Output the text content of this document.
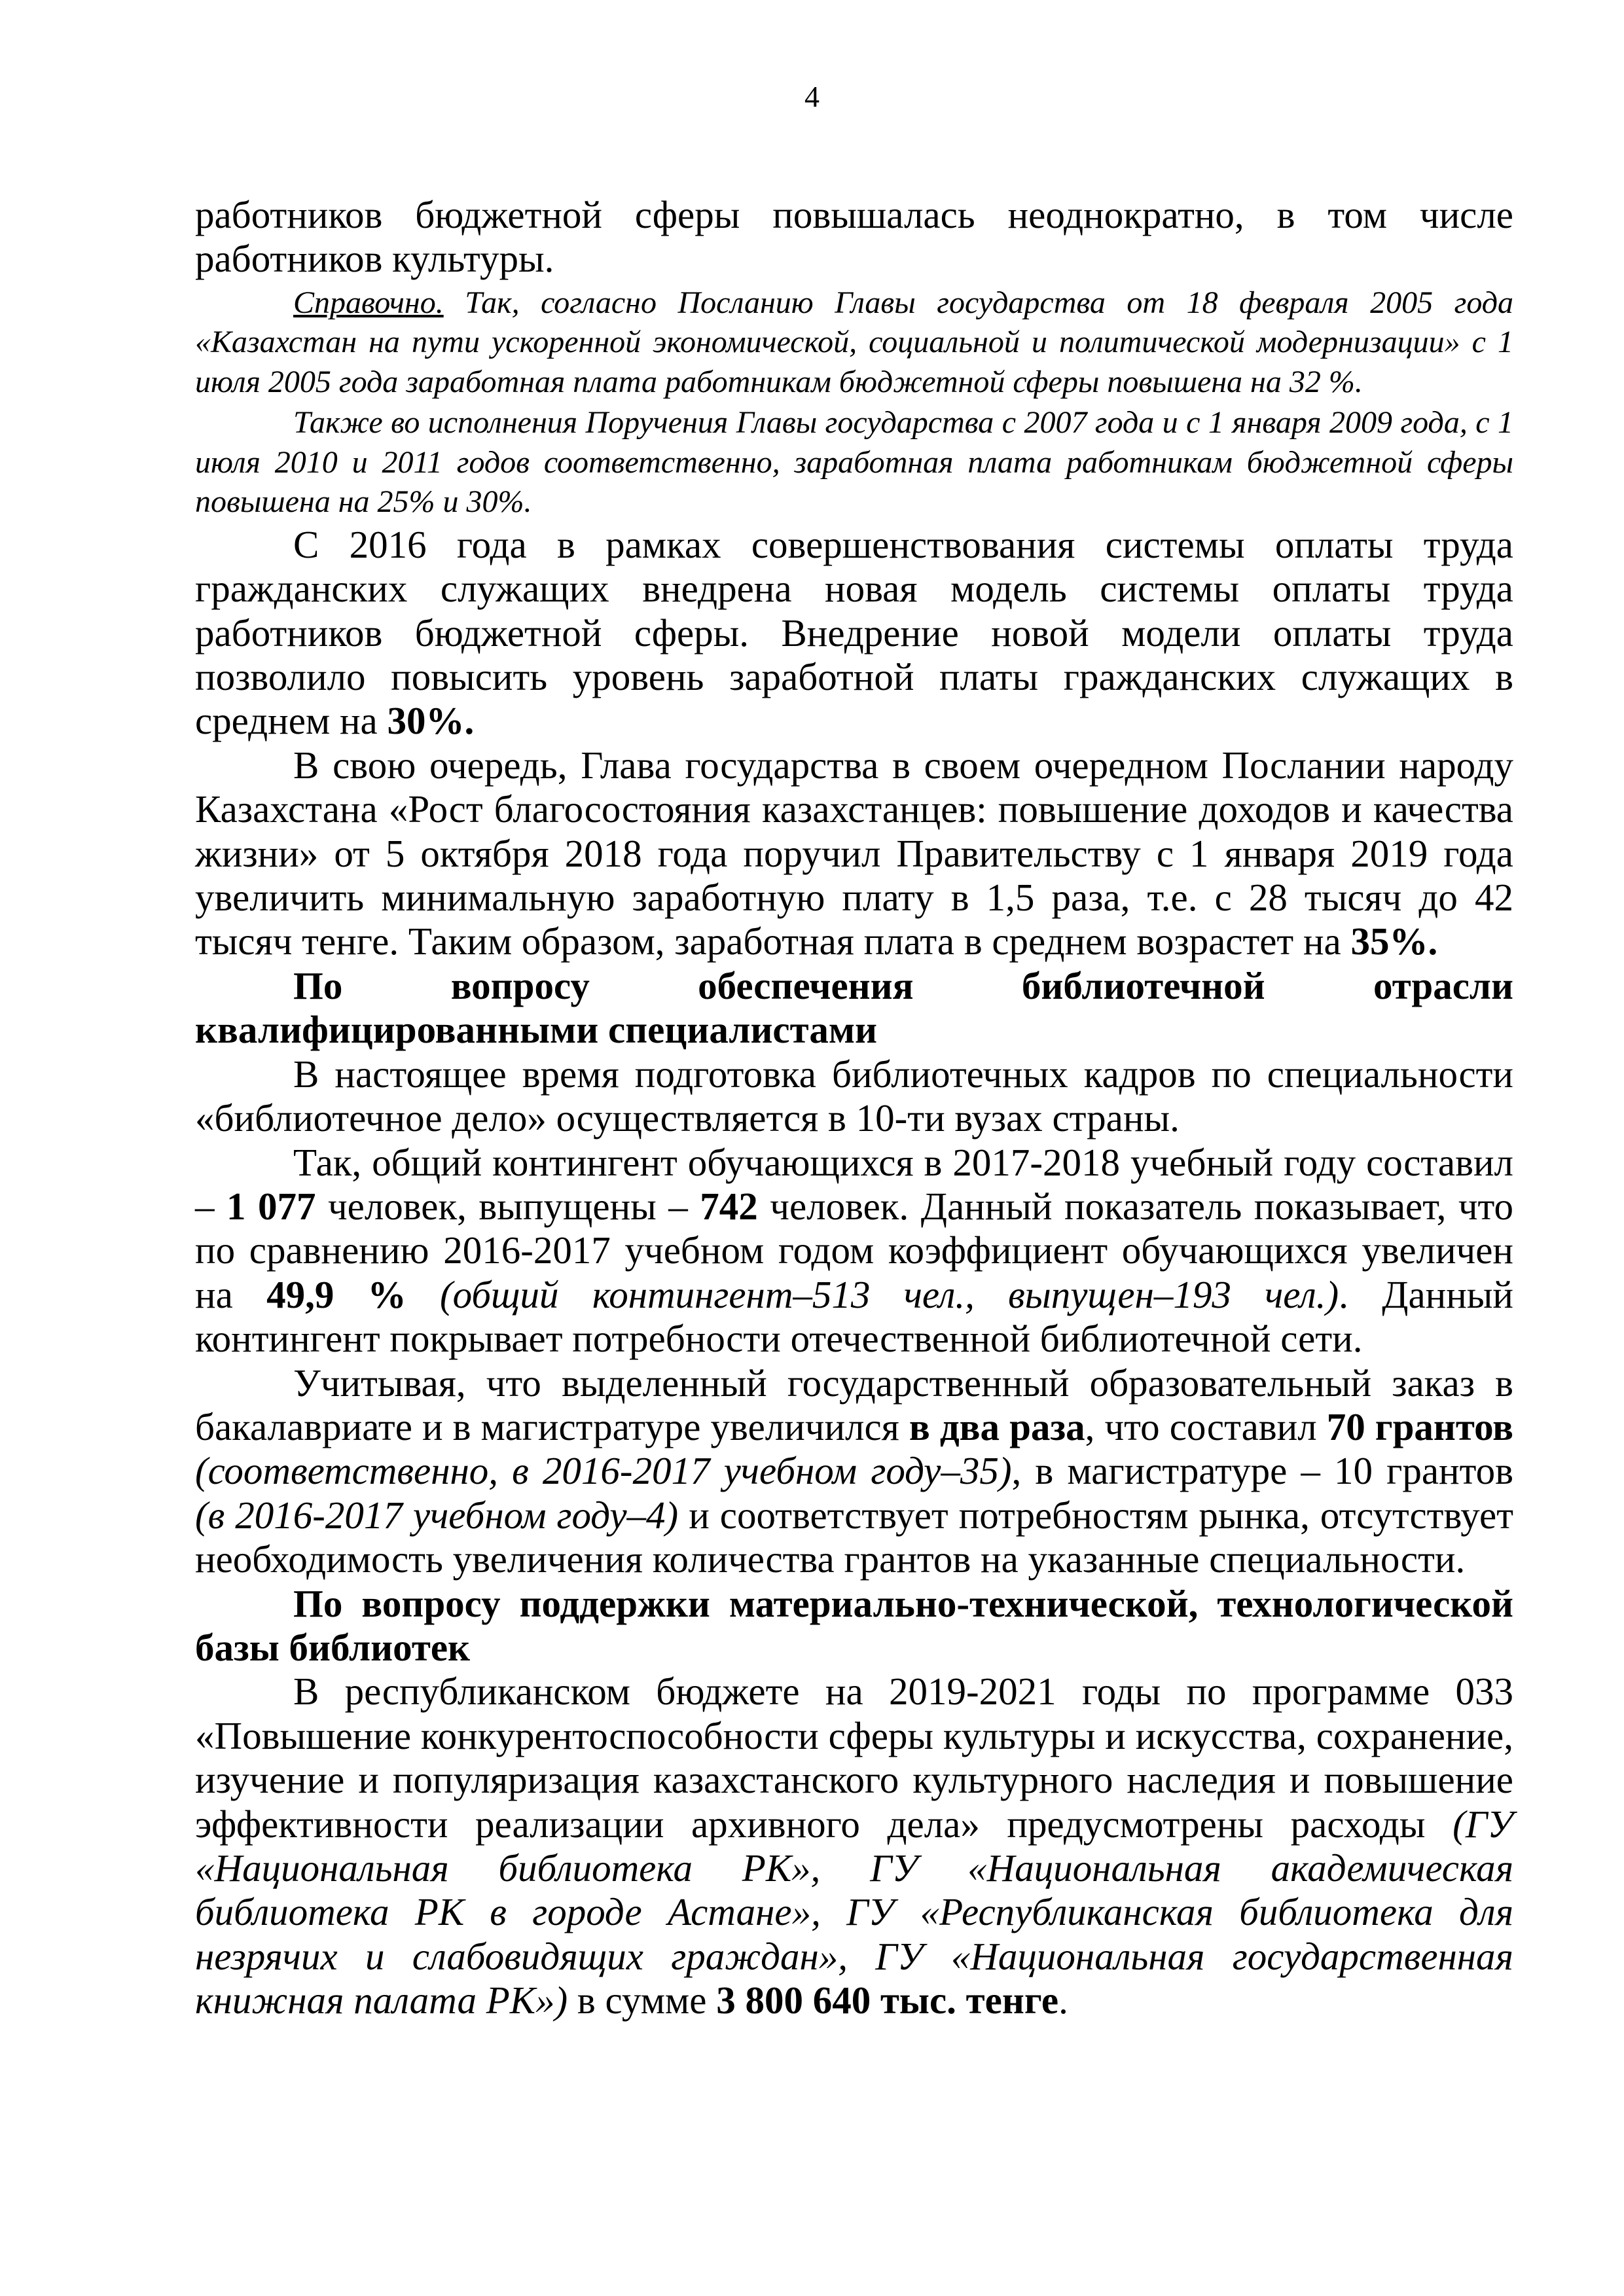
4

работников бюджетной сферы повышалась неоднократно, в том числе работников культуры.

Справочно. Так, согласно Посланию Главы государства от 18 февраля 2005 года «Казахстан на пути ускоренной экономической, социальной и политической модернизации» с 1 июля 2005 года заработная плата работникам бюджетной сферы повышена на 32 %.

Также во исполнения Поручения Главы государства с 2007 года и с 1 января 2009 года, с 1 июля 2010 и 2011 годов соответственно, заработная плата работникам бюджетной сферы повышена на 25% и 30%.

С 2016 года в рамках совершенствования системы оплаты труда гражданских служащих внедрена новая модель системы оплаты труда работников бюджетной сферы. Внедрение новой модели оплаты труда позволило повысить уровень заработной платы гражданских служащих в среднем на 30%.

В свою очередь, Глава государства в своем очередном Послании народу Казахстана «Рост благосостояния казахстанцев: повышение доходов и качества жизни» от 5 октября 2018 года поручил Правительству с 1 января 2019 года увеличить минимальную заработную плату в 1,5 раза, т.е. с 28 тысяч до 42 тысяч тенге. Таким образом, заработная плата в среднем возрастет на 35%.

По вопросу обеспечения библиотечной отрасли квалифицированными специалистами

В настоящее время подготовка библиотечных кадров по специальности «библиотечное дело» осуществляется в 10-ти вузах страны.

Так, общий контингент обучающихся в 2017-2018 учебный году составил – 1 077 человек, выпущены – 742 человек. Данный показатель показывает, что по сравнению 2016-2017 учебном годом коэффициент обучающихся увеличен на 49,9 % (общий контингент–513 чел., выпущен–193 чел.). Данный контингент покрывает потребности отечественной библиотечной сети.

Учитывая, что выделенный государственный образовательный заказ в бакалавриате и в магистратуре увеличился в два раза, что составил 70 грантов (соответственно, в 2016-2017 учебном году–35), в магистратуре – 10 грантов (в 2016-2017 учебном году–4) и соответствует потребностям рынка, отсутствует необходимость увеличения количества грантов на указанные специальности.

По вопросу поддержки материально-технической, технологической базы библиотек

В республиканском бюджете на 2019-2021 годы по программе 033 «Повышение конкурентоспособности сферы культуры и искусства, сохранение, изучение и популяризация казахстанского культурного наследия и повышение эффективности реализации архивного дела» предусмотрены расходы (ГУ «Национальная библиотека РК», ГУ «Национальная академическая библиотека РК в городе Астане», ГУ «Республиканская библиотека для незрячих и слабовидящих граждан», ГУ «Национальная государственная книжная палата РК») в сумме 3 800 640 тыс. тенге.
